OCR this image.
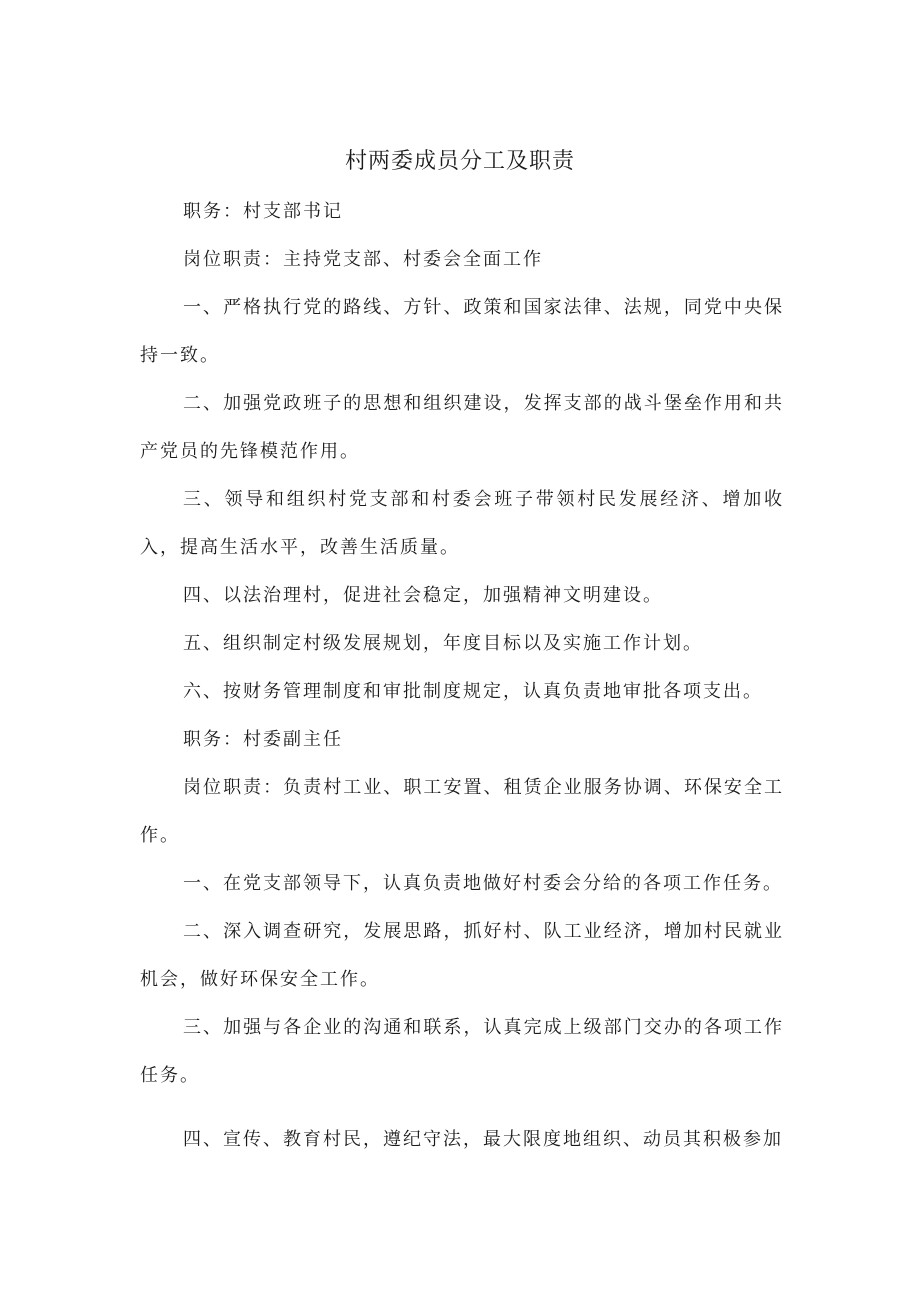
村两委成员分工及职责

职务：村支部书记

岗位职责：主持党支部、村委会全面工作

一、严格执行党的路线、方针、政策和国家法律、法规，同党中央保持一致。

二、加强党政班子的思想和组织建设，发挥支部的战斗堡垒作用和共产党员的先锋模范作用。

三、领导和组织村党支部和村委会班子带领村民发展经济、增加收入，提高生活水平，改善生活质量。

四、以法治理村，促进社会稳定，加强精神文明建设。

五、组织制定村级发展规划，年度目标以及实施工作计划。

六、按财务管理制度和审批制度规定，认真负责地审批各项支出。

职务：村委副主任

岗位职责：负责村工业、职工安置、租赁企业服务协调、环保安全工作。

一、在党支部领导下，认真负责地做好村委会分给的各项工作任务。

二、深入调查研究，发展思路，抓好村、队工业经济，增加村民就业机会，做好环保安全工作。

三、加强与各企业的沟通和联系，认真完成上级部门交办的各项工作任务。

四、宣传、教育村民，遵纪守法，最大限度地组织、动员其积极参加
